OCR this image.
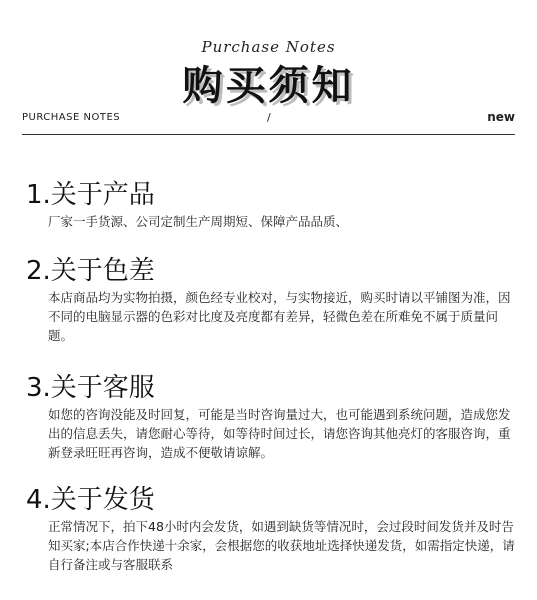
Purchase Notes
购买须知
PURCHASE NOTES	/	new
1.关于产品
厂家一手货源、公司定制生产周期短、保障产品品质、
2.关于色差
本店商品均为实物拍摄，颜色经专业校对，与实物接近，购买时请以平铺图为准，因不同的电脑显示器的色彩对比度及亮度都有差异，轻微色差在所难免不属于质量问题。
3.关于客服
如您的咨询没能及时回复，可能是当时咨询量过大，也可能遇到系统问题，造成您发出的信息丢失，请您耐心等待，如等待时间过长，请您咨询其他亮灯的客服咨询，重新登录旺旺再咨询，造成不便敬请谅解。
4.关于发货
正常情况下，拍下48小时内会发货，如遇到缺货等情况时，会过段时间发货并及时告知买家;本店合作快递十余家，会根据您的收获地址选择快递发货，如需指定快递，请自行备注或与客服联系
